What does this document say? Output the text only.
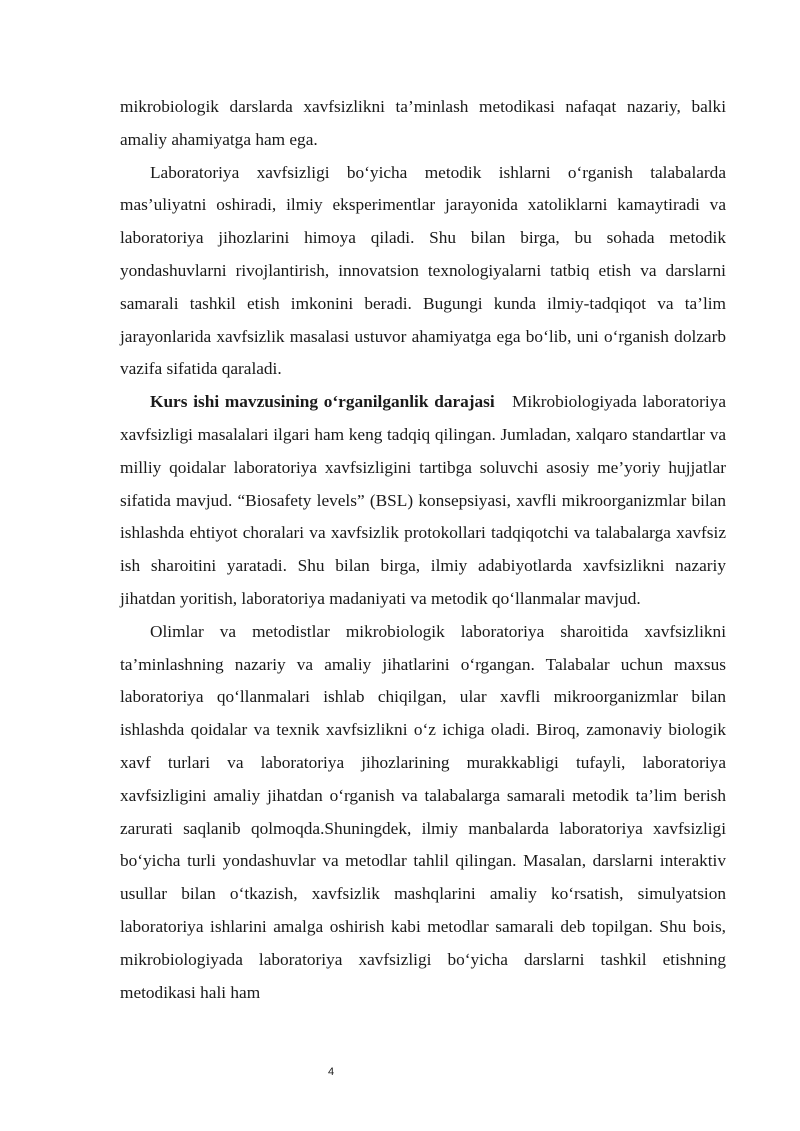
mikrobiologik darslarda xavfsizlikni ta’minlash metodikasi nafaqat nazariy, balki amaliy ahamiyatga ham ega.

Laboratoriya xavfsizligi bo‘yicha metodik ishlarni o‘rganish talabalarda mas’uliyatni oshiradi, ilmiy eksperimentlar jarayonida xatoliklarni kamaytiradi va laboratoriya jihozlarini himoya qiladi. Shu bilan birga, bu sohada metodik yondashuvlarni rivojlantirish, innovatsion texnologiyalarni tatbiq etish va darslarni samarali tashkil etish imkonini beradi. Bugungi kunda ilmiy-tadqiqot va ta’lim jarayonlarida xavfsizlik masalasi ustuvor ahamiyatga ega bo‘lib, uni o‘rganish dolzarb vazifa sifatida qaraladi.

Kurs ishi mavzusining o‘rganilganlik darajasi Mikrobiologiyada laboratoriya xavfsizligi masalalari ilgari ham keng tadqiq qilingan. Jumladan, xalqaro standartlar va milliy qoidalar laboratoriya xavfsizligini tartibga soluvchi asosiy me’yoriy hujjatlar sifatida mavjud. “Biosafety levels” (BSL) konsepsiyasi, xavfli mikroorganizmlar bilan ishlashda ehtiyot choralari va xavfsizlik protokollari tadqiqotchi va talabalarga xavfsiz ish sharoitini yaratadi. Shu bilan birga, ilmiy adabiyotlarda xavfsizlikni nazariy jihatdan yoritish, laboratoriya madaniyati va metodik qo‘llanmalar mavjud.

Olimlar va metodistlar mikrobiologik laboratoriya sharoitida xavfsizlikni ta’minlashning nazariy va amaliy jihatlarini o‘rgangan. Talabalar uchun maxsus laboratoriya qo‘llanmalari ishlab chiqilgan, ular xavfli mikroorganizmlar bilan ishlashda qoidalar va texnik xavfsizlikni o‘z ichiga oladi. Biroq, zamonaviy biologik xavf turlari va laboratoriya jihozlarining murakkabligi tufayli, laboratoriya xavfsizligini amaliy jihatdan o‘rganish va talabalarga samarali metodik ta’lim berish zarurati saqlanib qolmoqda.Shuningdek, ilmiy manbalarda laboratoriya xavfsizligi bo‘yicha turli yondashuvlar va metodlar tahlil qilingan. Masalan, darslarni interaktiv usullar bilan o‘tkazish, xavfsizlik mashqlarini amaliy ko‘rsatish, simulyatsion laboratoriya ishlarini amalga oshirish kabi metodlar samarali deb topilgan. Shu bois, mikrobiologiyada laboratoriya xavfsizligi bo‘yicha darslarni tashkil etishning metodikasi hali ham

4
